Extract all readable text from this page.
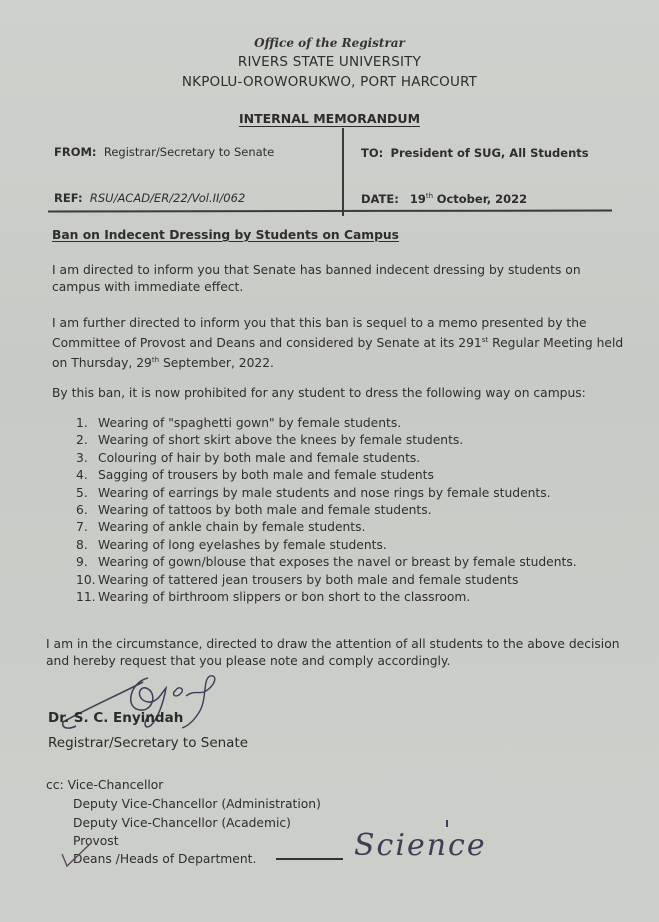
Office of the Registrar
RIVERS STATE UNIVERSITY
NKPOLU-OROWORUKWO, PORT HARCOURT
INTERNAL MEMORANDUM
FROM: Registrar/Secretary to Senate	TO: President of SUG, All Students
REF: RSU/ACAD/ER/22/Vol.II/062	DATE: 19th October, 2022
Ban on Indecent Dressing by Students on Campus
I am directed to inform you that Senate has banned indecent dressing by students on campus with immediate effect.
I am further directed to inform you that this ban is sequel to a memo presented by the Committee of Provost and Deans and considered by Senate at its 291st Regular Meeting held on Thursday, 29th September, 2022.
By this ban, it is now prohibited for any student to dress the following way on campus:
1. Wearing of "spaghetti gown" by female students.
2. Wearing of short skirt above the knees by female students.
3. Colouring of hair by both male and female students.
4. Sagging of trousers by both male and female students
5. Wearing of earrings by male students and nose rings by female students.
6. Wearing of tattoos by both male and female students.
7. Wearing of ankle chain by female students.
8. Wearing of long eyelashes by female students.
9. Wearing of gown/blouse that exposes the navel or breast by female students.
10. Wearing of tattered jean trousers by both male and female students
11. Wearing of birthroom slippers or bon short to the classroom.
I am in the circumstance, directed to draw the attention of all students to the above decision and hereby request that you please note and comply accordingly.
Dr. S. C. Enyindah
Registrar/Secretary to Senate
cc: Vice-Chancellor
Deputy Vice-Chancellor (Administration)
Deputy Vice-Chancellor (Academic)
Provost
Deans /Heads of Department.	Science
